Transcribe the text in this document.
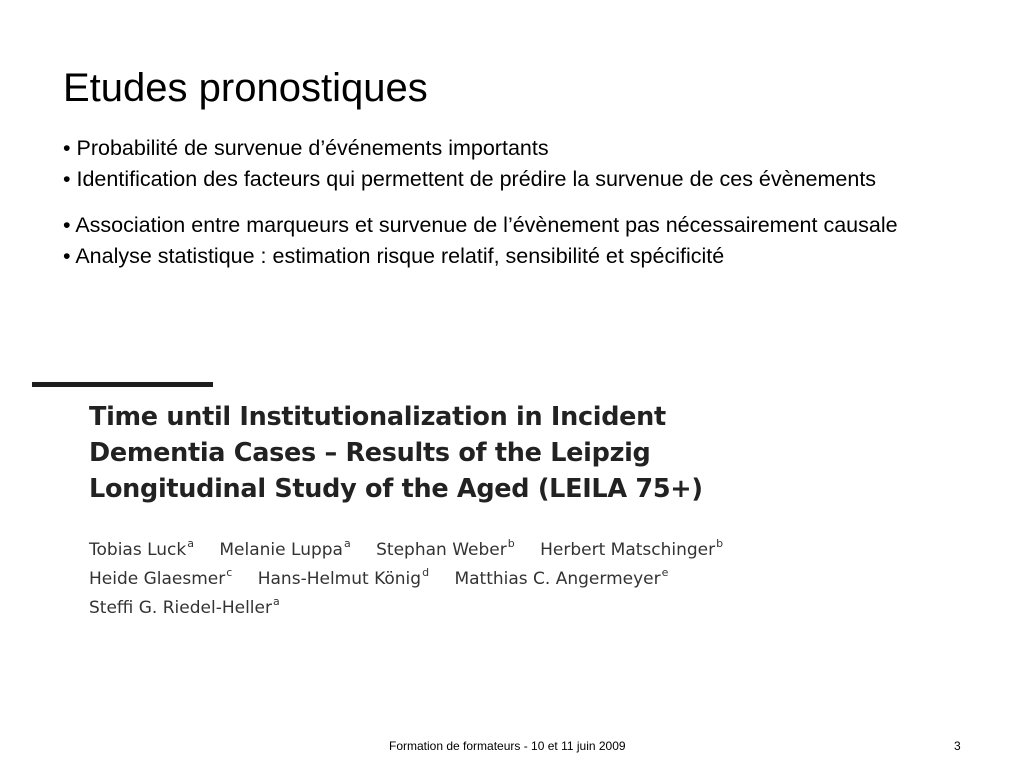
Etudes pronostiques
• Probabilité de survenue d’événements importants
• Identification des facteurs qui permettent de prédire la survenue de ces évènements
• Association entre marqueurs et survenue de l’évènement pas nécessairement causale
• Analyse statistique : estimation risque relatif, sensibilité et spécificité
Time until Institutionalization in Incident
Dementia Cases – Results of the Leipzig
Longitudinal Study of the Aged (LEILA 75+)
Tobias Luck$^a$ Melanie Luppa$^a$ Stephan Weber$^b$ Herbert Matschinger$^b$
Heide Glaesmer$^c$ Hans-Helmut König$^d$ Matthias C. Angermeyer$^e$
Steffi G. Riedel-Heller$^a$
Formation de formateurs - 10 et 11 juin 2009	3
